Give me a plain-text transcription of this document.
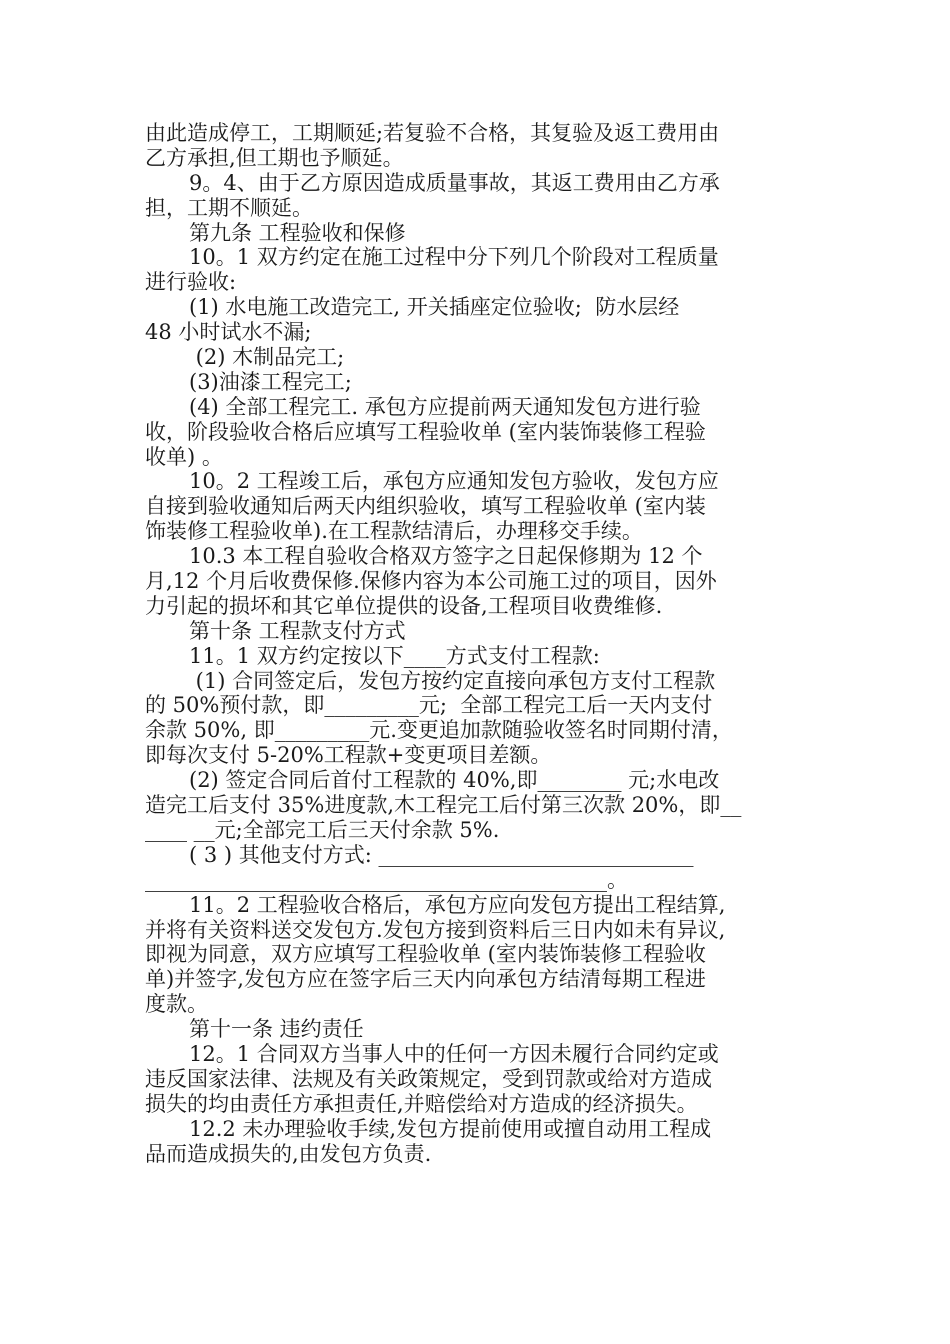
由此造成停工，工期顺延;若复验不合格，其复验及返工费用由
乙方承担,但工期也予顺延。
9。4、由于乙方原因造成质量事故，其返工费用由乙方承
担，工期不顺延。
第九条 工程验收和保修
10。1 双方约定在施工过程中分下列几个阶段对工程质量
进行验收:
(1) 水电施工改造完工, 开关插座定位验收;  防水层经
48 小时试水不漏;
(2) 木制品完工;
(3)油漆工程完工;
(4) 全部工程完工. 承包方应提前两天通知发包方进行验
收，阶段验收合格后应填写工程验收单 (室内装饰装修工程验
收单) 。
10。2 工程竣工后，承包方应通知发包方验收，发包方应
自接到验收通知后两天内组织验收，填写工程验收单 (室内装
饰装修工程验收单).在工程款结清后，办理移交手续。
10.3 本工程自验收合格双方签字之日起保修期为 12 个
月,12 个月后收费保修.保修内容为本公司施工过的项目，因外
力引起的损坏和其它单位提供的设备,工程项目收费维修.
第十条 工程款支付方式
11。1 双方约定按以下____方式支付工程款:
(1) 合同签定后，发包方按约定直接向承包方支付工程款
的 50%预付款，即_________元;  全部工程完工后一天内支付
余款 50%, 即_________元.变更追加款随验收签名时同期付清，
即每次支付 5-20%工程款+变更项目差额。
(2) 签定合同后首付工程款的 40%,即________ 元;水电改
造完工后支付 35%进度款,木工程完工后付第三次款 20%，即__
____ __元;全部完工后三天付余款 5%.
( 3 ) 其他支付方式: ______________________________
____________________________________________。
11。2 工程验收合格后，承包方应向发包方提出工程结算,
并将有关资料送交发包方.发包方接到资料后三日内如未有异议,
即视为同意，双方应填写工程验收单 (室内装饰装修工程验收
单)并签字,发包方应在签字后三天内向承包方结清每期工程进
度款。
第十一条 违约责任
12。1 合同双方当事人中的任何一方因未履行合同约定或
违反国家法律、法规及有关政策规定，受到罚款或给对方造成
损失的均由责任方承担责任,并赔偿给对方造成的经济损失。
12.2 未办理验收手续,发包方提前使用或擅自动用工程成
品而造成损失的,由发包方负责.
